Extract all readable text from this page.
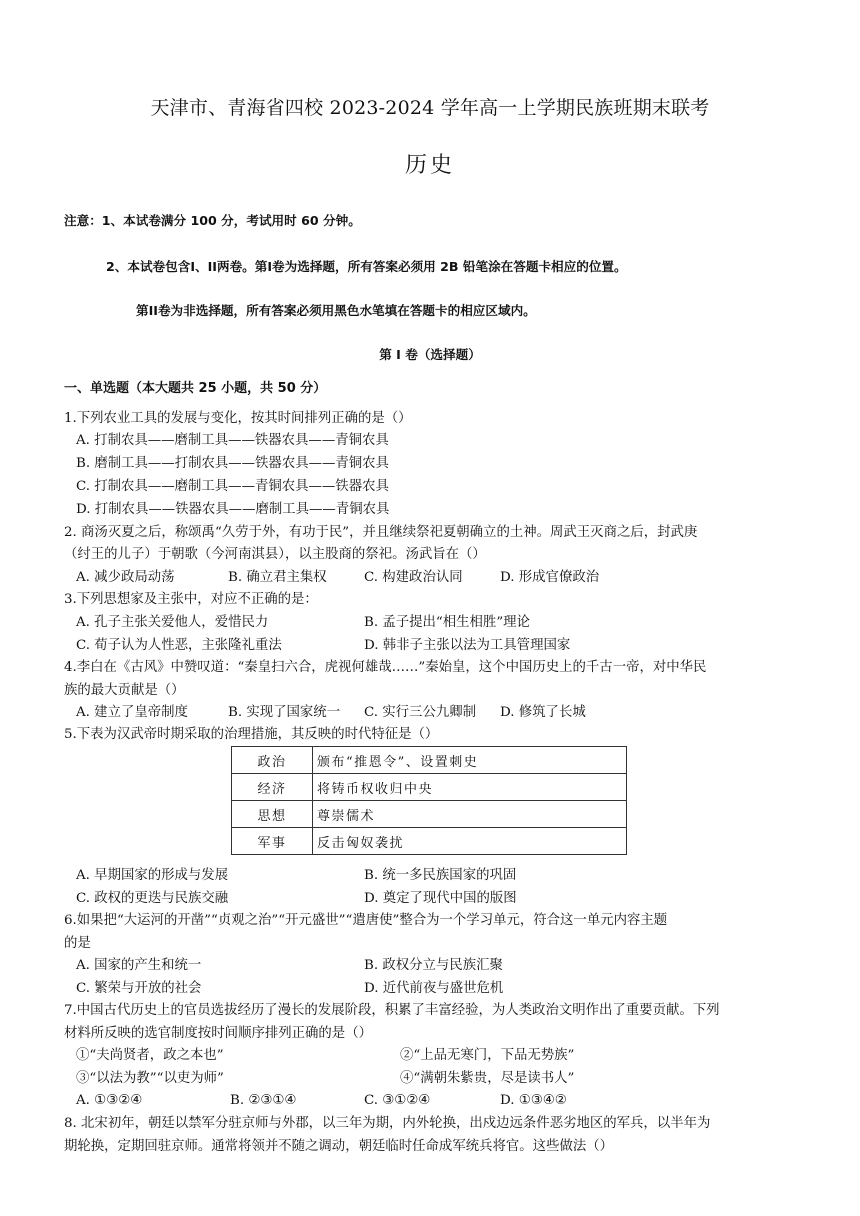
天津市、青海省四校 2023-2024 学年高一上学期民族班期末联考
历史
注意：1、本试卷满分 100 分，考试用时 60 分钟。
2、本试卷包含I、II两卷。第I卷为选择题，所有答案必须用 2B 铅笔涂在答题卡相应的位置。
第II卷为非选择题，所有答案必须用黑色水笔填在答题卡的相应区域内。
第 I 卷（选择题）
一、单选题（本大题共 25 小题，共 50 分）
1.下列农业工具的发展与变化，按其时间排列正确的是（）
A. 打制农具——磨制工具——铁器农具——青铜农具
B. 磨制工具——打制农具——铁器农具——青铜农具
C. 打制农具——磨制工具——青铜农具——铁器农具
D. 打制农具——铁器农具——磨制工具——青铜农具
2. 商汤灭夏之后，称颂禹“久劳于外，有功于民”，并且继续祭祀夏朝确立的土神。周武王灭商之后，封武庚
（纣王的儿子）于朝歌（今河南淇县），以主股商的祭祀。汤武旨在（）
A. 减少政局动荡	B. 确立君主集权	C. 构建政治认同	D. 形成官僚政治
3.下列思想家及主张中，对应不正确的是：
A. 孔子主张关爱他人，爱惜民力	B. 孟子提出“相生相胜”理论
C. 荀子认为人性恶，主张隆礼重法	D. 韩非子主张以法为工具管理国家
4.李白在《古风》中赞叹道：“秦皇扫六合，虎视何雄哉……”秦始皇，这个中国历史上的千古一帝，对中华民
族的最大贡献是（）
A. 建立了皇帝制度	B. 实现了国家统一 C. 实行三公九卿制 D. 修筑了长城
5.下表为汉武帝时期采取的治理措施，其反映的时代特征是（）
政治	颁布“推恩令”、设置刺史
经济	将铸币权收归中央
思想	尊崇儒术
军事	反击匈奴袭扰
A. 早期国家的形成与发展	B. 统一多民族国家的巩固
C. 政权的更迭与民族交融	D. 奠定了现代中国的版图
6.如果把“大运河的开凿”“贞观之治”“开元盛世”“遣唐使”整合为一个学习单元，符合这一单元内容主题
的是
A. 国家的产生和统一	B. 政权分立与民族汇聚
C. 繁荣与开放的社会	D. 近代前夜与盛世危机
7.中国古代历史上的官员选拔经历了漫长的发展阶段，积累了丰富经验，为人类政治文明作出了重要贡献。下列
材料所反映的选官制度按时间顺序排列正确的是（）
①“夫尚贤者，政之本也”	②“上品无寒门，下品无势族”
③“以法为教”“以吏为师”	④“满朝朱紫贵，尽是读书人”
A. ①③②④	B. ②③①④	C. ③①②④	D. ①③④②
8. 北宋初年，朝廷以禁军分驻京师与外郡，以三年为期，内外轮换，出戍边远条件恶劣地区的军兵，以半年为
期轮换，定期回驻京师。通常将领并不随之调动，朝廷临时任命成军统兵将官。这些做法（）
